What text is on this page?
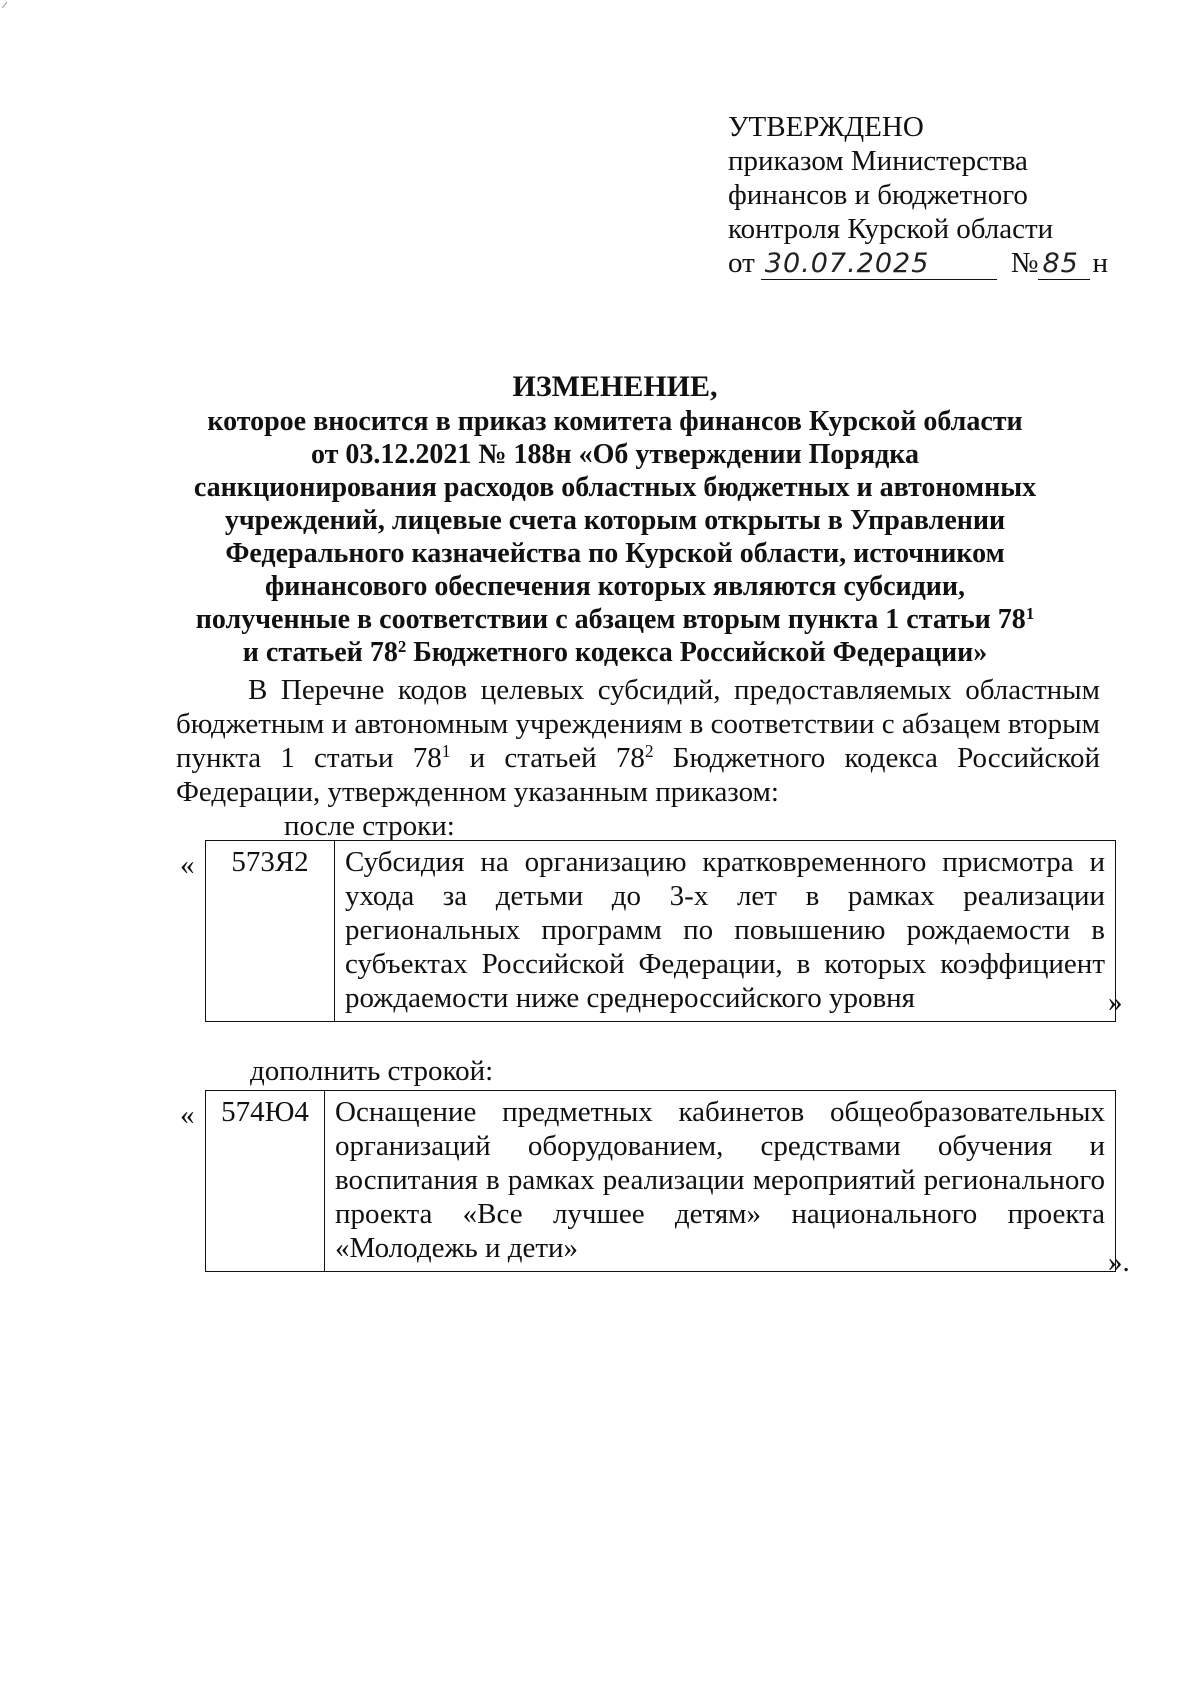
УТВЕРЖДЕНО
приказом Министерства
финансов и бюджетного
контроля Курской области
от 30.07.2025	№ 85 н
ИЗМЕНЕНИЕ,
которое вносится в приказ комитета финансов Курской области
от 03.12.2021 № 188н «Об утверждении Порядка
санкционирования расходов областных бюджетных и автономных
учреждений, лицевые счета которым открыты в Управлении
Федерального казначейства по Курской области, источником
финансового обеспечения которых являются субсидии,
полученные в соответствии с абзацем вторым пункта 1 статьи $78^1$
и статьей $78^2$ Бюджетного кодекса Российской Федерации»
В Перечне кодов целевых субсидий, предоставляемых областным бюджетным и автономным учреждениям в соответствии с абзацем вторым пункта 1 статьи $78^1$ и статьей $78^2$ Бюджетного кодекса Российской Федерации, утвержденном указанным приказом:
после строки:
« 573Я2	Субсидия на организацию кратковременного присмотра и ухода за детьми до 3-х лет в рамках реализации региональных программ по повышению рождаемости в субъектах Российской Федерации, в которых коэффициент рождаемости ниже среднероссийского уровня	»
дополнить строкой:
« 574Ю4	Оснащение предметных кабинетов общеобразовательных организаций оборудованием, средствами обучения и воспитания в рамках реализации мероприятий регионального проекта «Все лучшее детям» национального проекта «Молодежь и дети»	».
